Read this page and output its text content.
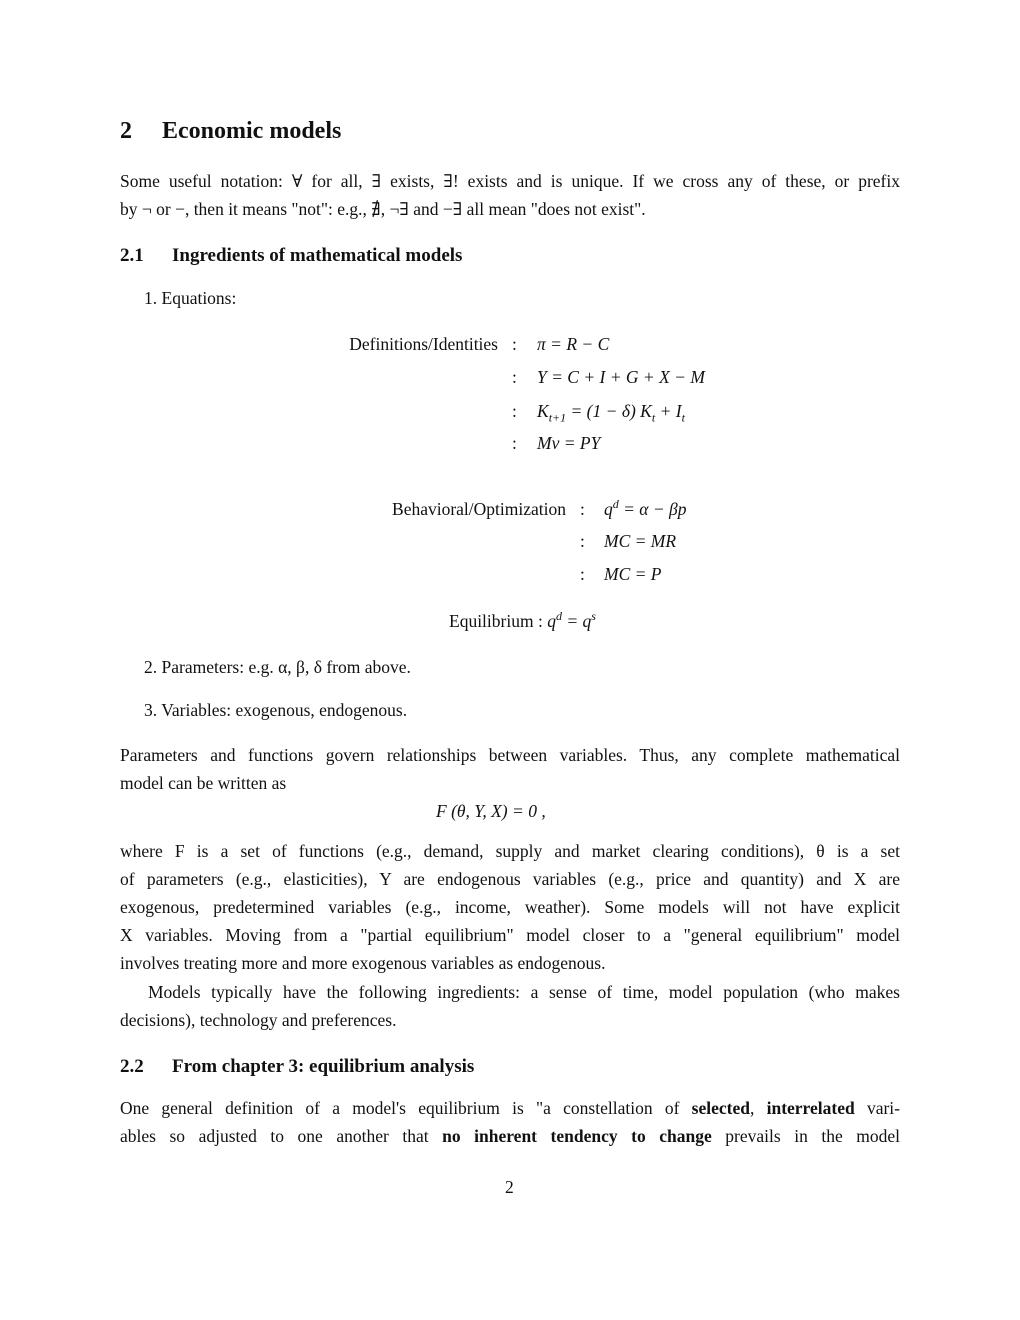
2 Economic models
Some useful notation: ∀ for all, ∃ exists, ∃! exists and is unique. If we cross any of these, or prefix
by ¬ or −, then it means "not": e.g., ∄, ¬∃ and −∃ all mean "does not exist".
2.1 Ingredients of mathematical models
1. Equations:
Definitions/Identities : π = R − C
: Y = C + I + G + X − M
: $K_{t+1} = (1 - \delta) K_t + I_t$
: Mv = PY
Behavioral/Optimization : $q^d = \alpha - \beta p$
: MC = MR
: MC = P
Equilibrium : $q^d = q^s$
2. Parameters: e.g. α, β, δ from above.
3. Variables: exogenous, endogenous.
Parameters and functions govern relationships between variables. Thus, any complete mathematical
model can be written as
F (θ, Y, X) = 0 ,
where F is a set of functions (e.g., demand, supply and market clearing conditions), θ is a set
of parameters (e.g., elasticities), Y are endogenous variables (e.g., price and quantity) and X are
exogenous, predetermined variables (e.g., income, weather). Some models will not have explicit
X variables. Moving from a "partial equilibrium" model closer to a "general equilibrium" model
involves treating more and more exogenous variables as endogenous.
Models typically have the following ingredients: a sense of time, model population (who makes
decisions), technology and preferences.
2.2 From chapter 3: equilibrium analysis
One general definition of a model's equilibrium is "a constellation of selected, interrelated vari-
ables so adjusted to one another that no inherent tendency to change prevails in the model
2
